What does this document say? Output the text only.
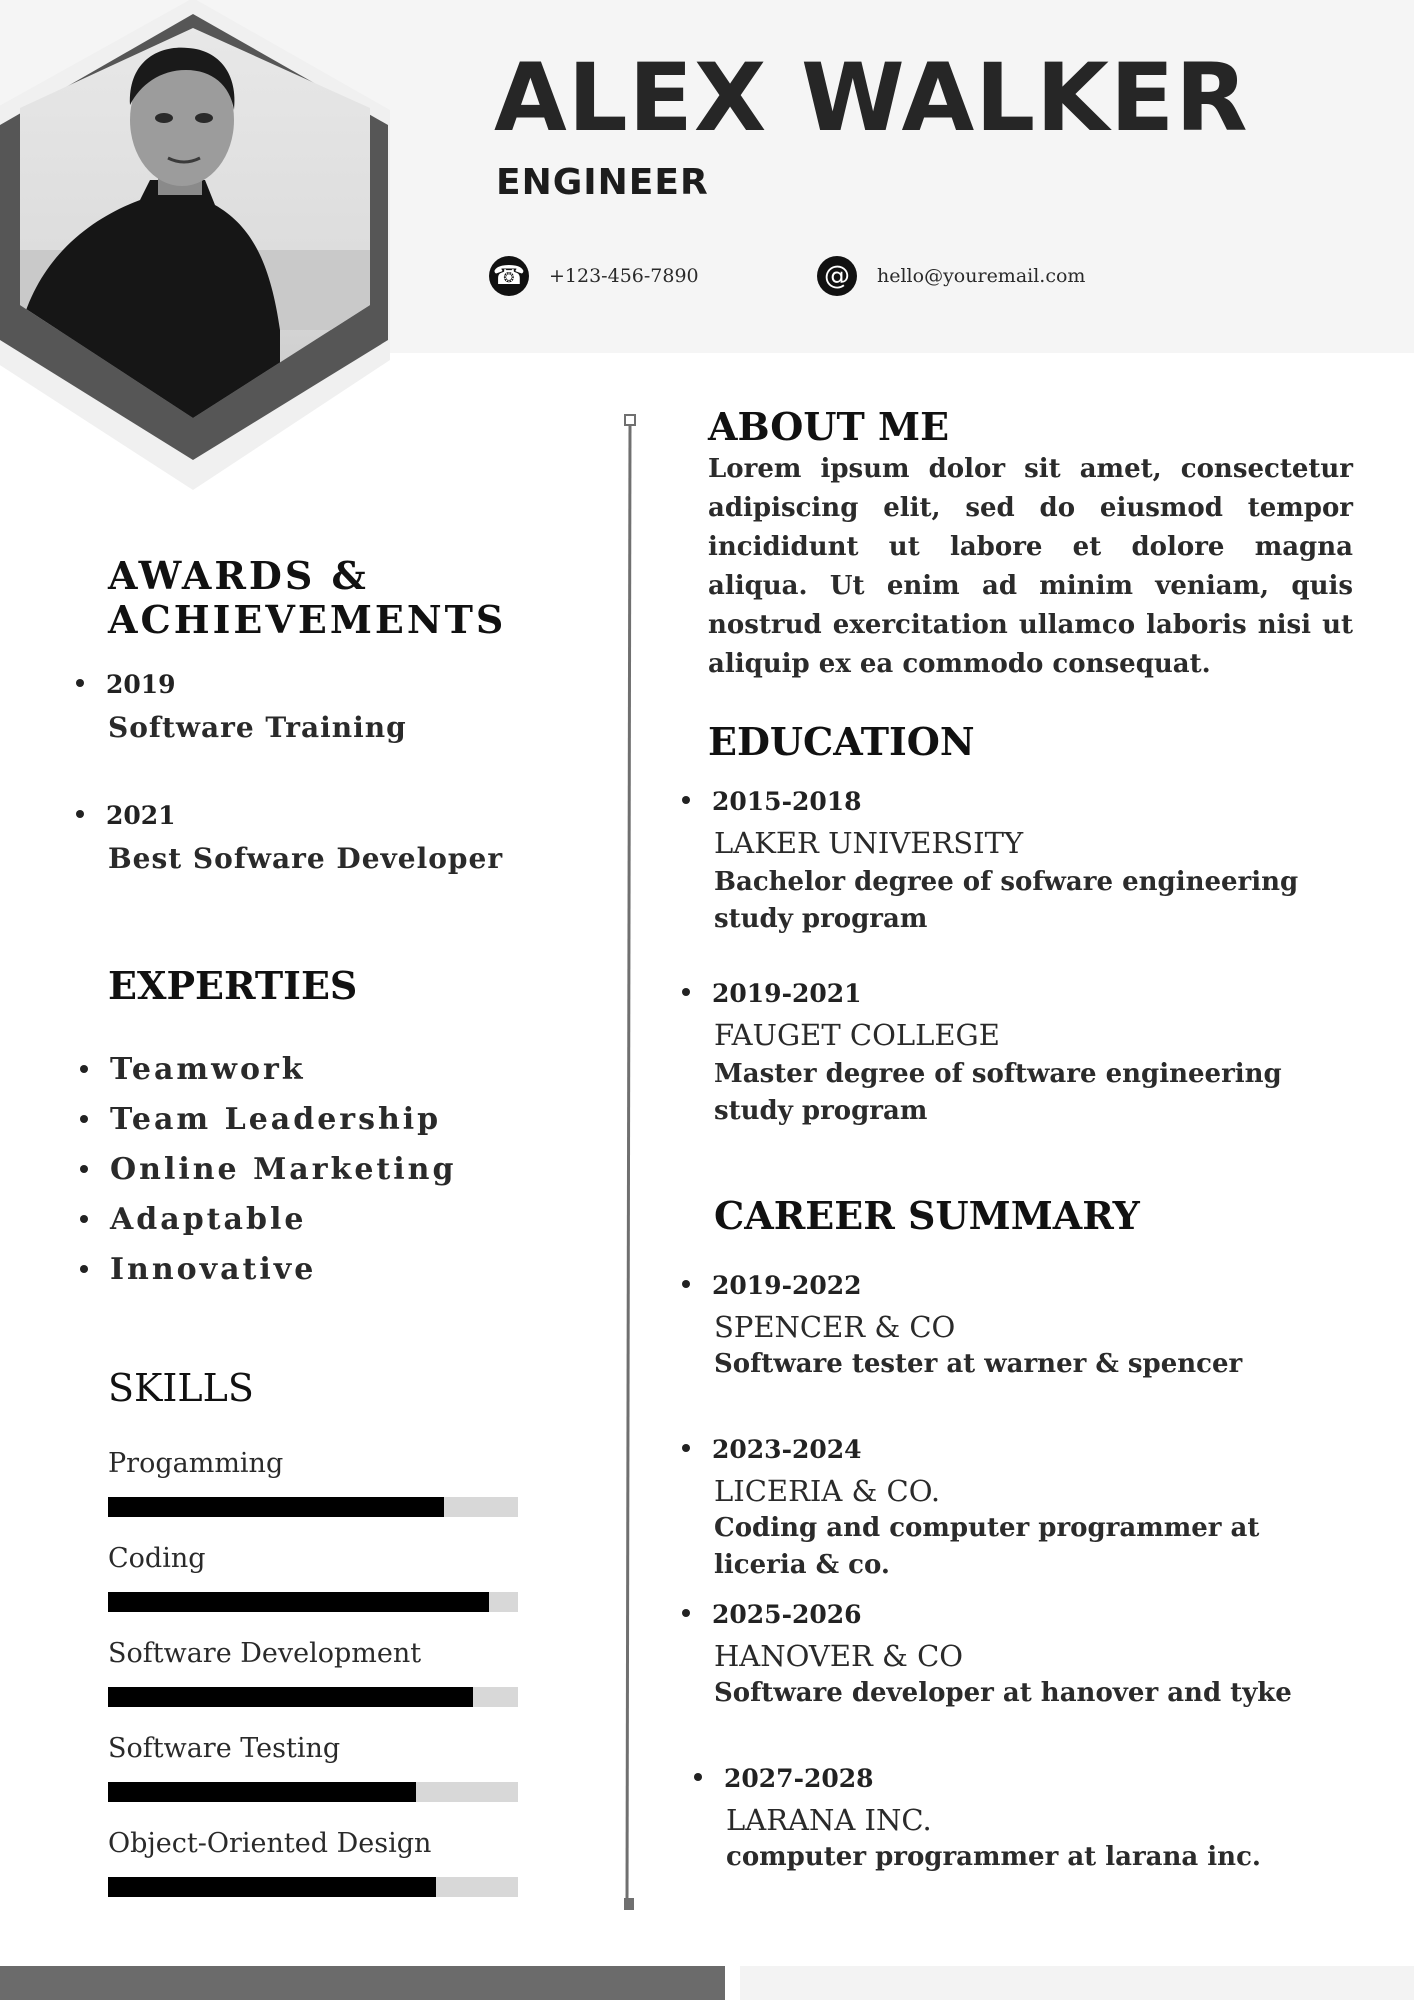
ALEX WALKER
ENGINEER
☎ +123-456-7890	@	hello@youremail.com
AWARDS &
ACHIEVEMENTS
2019
Software Training
2021
Best Sofware Developer
EXPERTIES
Teamwork
Team Leadership
Online Marketing
Adaptable
Innovative
SKILLS
Progamming
Coding
Software Development
Software Testing
Object-Oriented Design
ABOUT ME
Lorem ipsum dolor sit amet, consectetur adipiscing elit, sed do eiusmod tempor incididunt ut labore et dolore magna aliqua. Ut enim ad minim veniam, quis nostrud exercitation ullamco laboris nisi ut aliquip ex ea commodo consequat.
EDUCATION
2015-2018
LAKER UNIVERSITY
Bachelor degree of sofware engineering study program
2019-2021
FAUGET COLLEGE
Master degree of software engineering study program
CAREER SUMMARY
2019-2022
SPENCER & CO
Software tester at warner & spencer
2023-2024
LICERIA & CO.
Coding and computer programmer at liceria & co.
2025-2026
HANOVER & CO
Software developer at hanover and tyke
2027-2028
LARANA INC.
computer programmer at larana inc.
